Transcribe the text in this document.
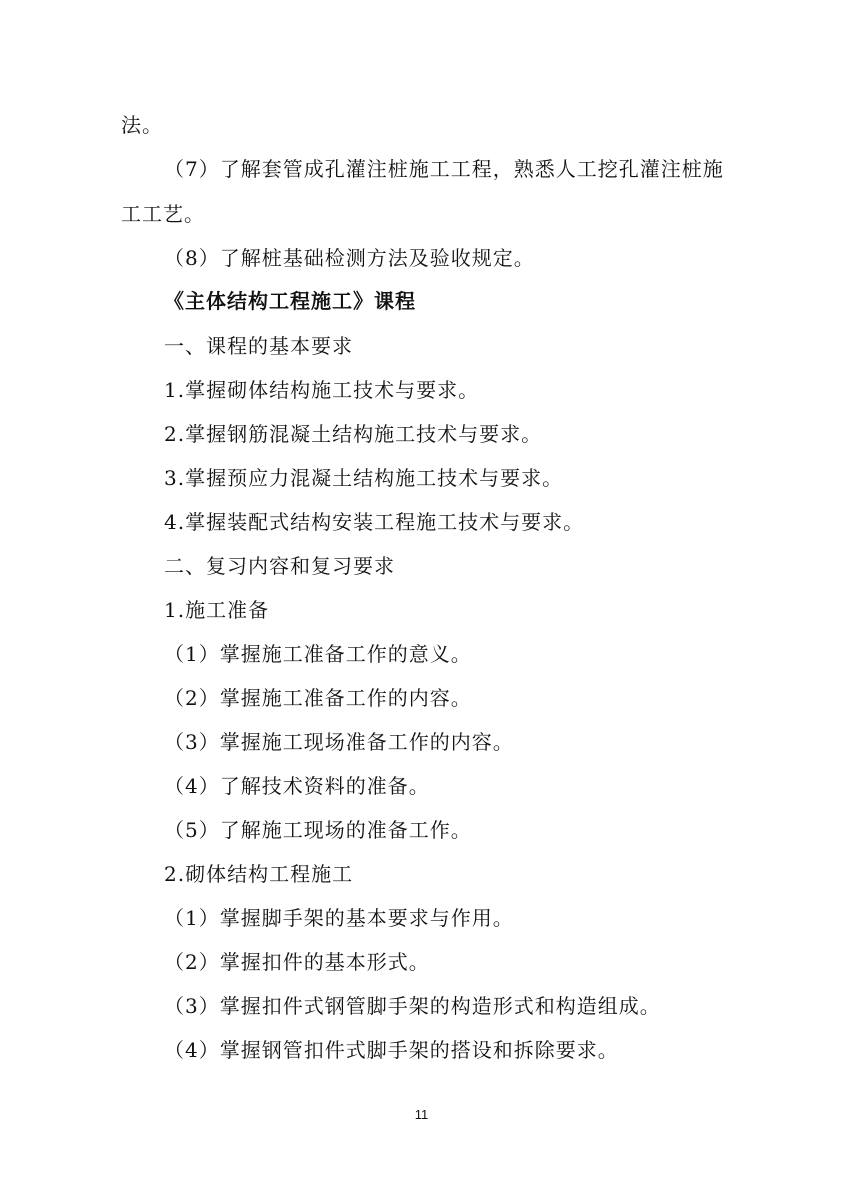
法。
（7）了解套管成孔灌注桩施工工程，熟悉人工挖孔灌注桩施
工工艺。
（8）了解桩基础检测方法及验收规定。
《主体结构工程施工》课程
一、课程的基本要求
1.掌握砌体结构施工技术与要求。
2.掌握钢筋混凝土结构施工技术与要求。
3.掌握预应力混凝土结构施工技术与要求。
4.掌握装配式结构安装工程施工技术与要求。
二、复习内容和复习要求
1.施工准备
（1）掌握施工准备工作的意义。
（2）掌握施工准备工作的内容。
（3）掌握施工现场准备工作的内容。
（4）了解技术资料的准备。
（5）了解施工现场的准备工作。
2.砌体结构工程施工
（1）掌握脚手架的基本要求与作用。
（2）掌握扣件的基本形式。
（3）掌握扣件式钢管脚手架的构造形式和构造组成。
（4）掌握钢管扣件式脚手架的搭设和拆除要求。
11
